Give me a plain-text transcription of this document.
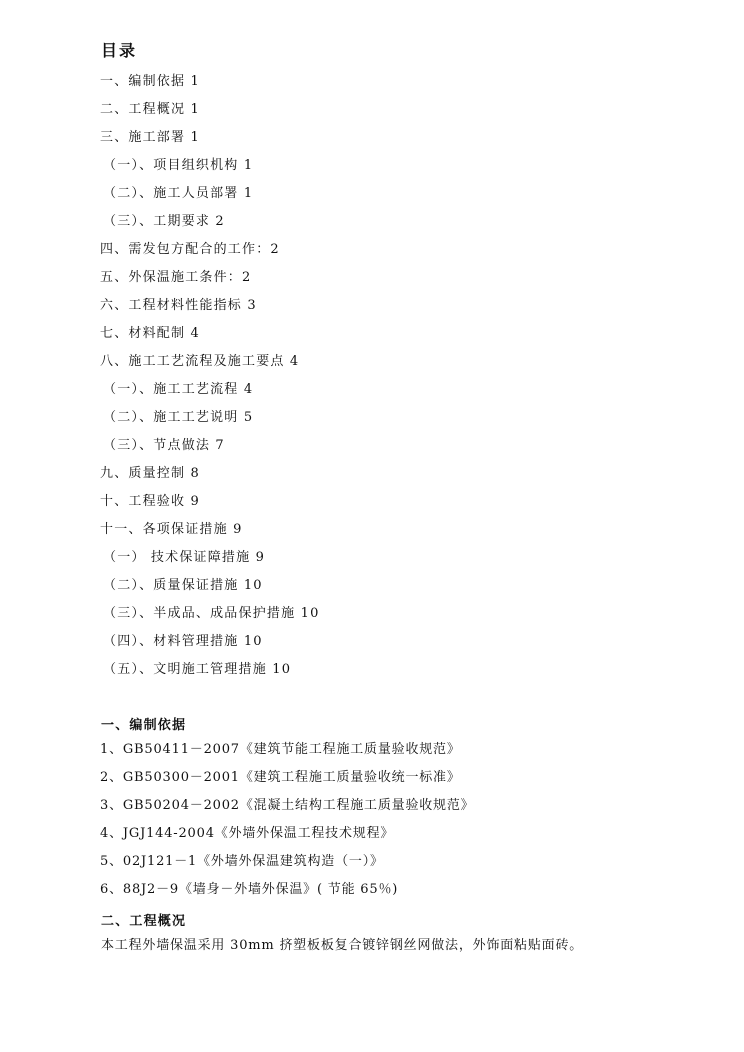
目录
一、编制依据 1
二、工程概况 1
三、施工部署 1
（一）、项目组织机构 1
（二）、施工人员部署 1
（三）、工期要求 2
四、需发包方配合的工作：2
五、外保温施工条件：2
六、工程材料性能指标 3
七、材料配制 4
八、施工工艺流程及施工要点 4
（一）、施工工艺流程 4
（二）、施工工艺说明 5
（三）、节点做法 7
九、质量控制 8
十、工程验收 9
十一、各项保证措施 9
（一） 技术保证障措施 9
（二）、质量保证措施 10
（三）、半成品、成品保护措施 10
（四）、材料管理措施 10
（五）、文明施工管理措施 10
一、编制依据
1、GB50411－2007《建筑节能工程施工质量验收规范》
2、GB50300－2001《建筑工程施工质量验收统一标准》
3、GB50204－2002《混凝土结构工程施工质量验收规范》
4、JGJ144-2004《外墙外保温工程技术规程》
5、02J121－1《外墙外保温建筑构造（一）》
6、88J2－9《墙身－外墙外保温》( 节能 65％)
二、工程概况
本工程外墙保温采用 30mm 挤塑板板复合镀锌钢丝网做法，外饰面粘贴面砖。
